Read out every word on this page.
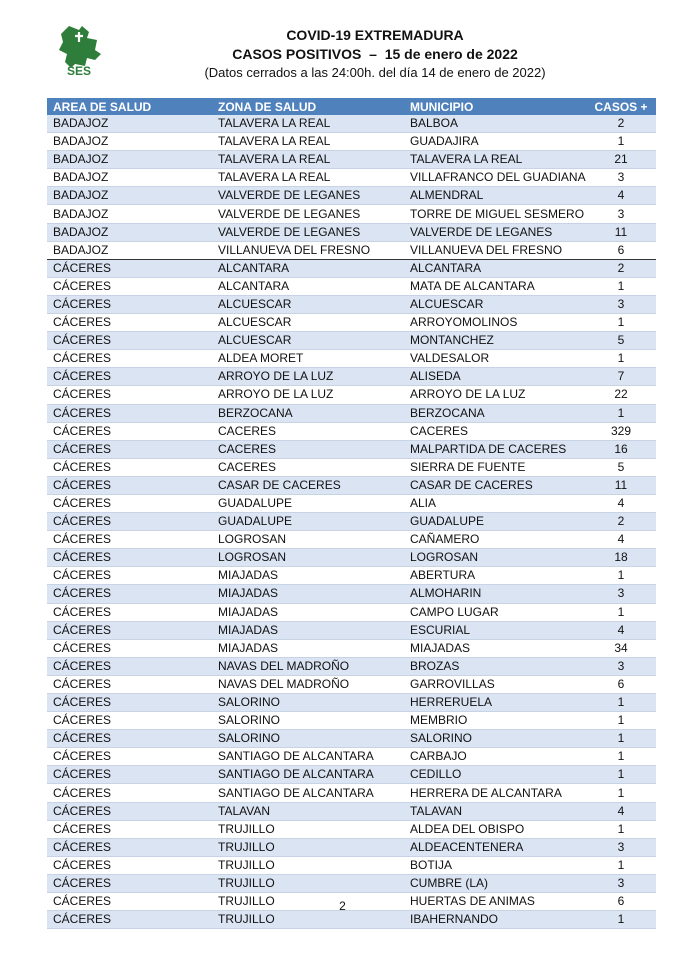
SES
COVID-19 EXTREMADURA
CASOS POSITIVOS  –  15 de enero de 2022
(Datos cerrados a las 24:00h. del día 14 de enero de 2022)
AREA DE SALUD	ZONA DE SALUD	MUNICIPIO	CASOS +
BADAJOZ	TALAVERA LA REAL	BALBOA	2
BADAJOZ	TALAVERA LA REAL	GUADAJIRA	1
BADAJOZ	TALAVERA LA REAL	TALAVERA LA REAL	21
BADAJOZ	TALAVERA LA REAL	VILLAFRANCO DEL GUADIANA	3
BADAJOZ	VALVERDE DE LEGANES	ALMENDRAL	4
BADAJOZ	VALVERDE DE LEGANES	TORRE DE MIGUEL SESMERO	3
BADAJOZ	VALVERDE DE LEGANES	VALVERDE DE LEGANES	11
BADAJOZ	VILLANUEVA DEL FRESNO	VILLANUEVA DEL FRESNO	6
CÁCERES	ALCANTARA	ALCANTARA	2
CÁCERES	ALCANTARA	MATA DE ALCANTARA	1
CÁCERES	ALCUESCAR	ALCUESCAR	3
CÁCERES	ALCUESCAR	ARROYOMOLINOS	1
CÁCERES	ALCUESCAR	MONTANCHEZ	5
CÁCERES	ALDEA MORET	VALDESALOR	1
CÁCERES	ARROYO DE LA LUZ	ALISEDA	7
CÁCERES	ARROYO DE LA LUZ	ARROYO DE LA LUZ	22
CÁCERES	BERZOCANA	BERZOCANA	1
CÁCERES	CACERES	CACERES	329
CÁCERES	CACERES	MALPARTIDA DE CACERES	16
CÁCERES	CACERES	SIERRA DE FUENTE	5
CÁCERES	CASAR DE CACERES	CASAR DE CACERES	11
CÁCERES	GUADALUPE	ALIA	4
CÁCERES	GUADALUPE	GUADALUPE	2
CÁCERES	LOGROSAN	CAÑAMERO	4
CÁCERES	LOGROSAN	LOGROSAN	18
CÁCERES	MIAJADAS	ABERTURA	1
CÁCERES	MIAJADAS	ALMOHARIN	3
CÁCERES	MIAJADAS	CAMPO LUGAR	1
CÁCERES	MIAJADAS	ESCURIAL	4
CÁCERES	MIAJADAS	MIAJADAS	34
CÁCERES	NAVAS DEL MADROÑO	BROZAS	3
CÁCERES	NAVAS DEL MADROÑO	GARROVILLAS	6
CÁCERES	SALORINO	HERRERUELA	1
CÁCERES	SALORINO	MEMBRIO	1
CÁCERES	SALORINO	SALORINO	1
CÁCERES	SANTIAGO DE ALCANTARA	CARBAJO	1
CÁCERES	SANTIAGO DE ALCANTARA	CEDILLO	1
CÁCERES	SANTIAGO DE ALCANTARA	HERRERA DE ALCANTARA	1
CÁCERES	TALAVAN	TALAVAN	4
CÁCERES	TRUJILLO	ALDEA DEL OBISPO	1
CÁCERES	TRUJILLO	ALDEACENTENERA	3
CÁCERES	TRUJILLO	BOTIJA	1
CÁCERES	TRUJILLO	CUMBRE (LA)	3
CÁCERES	TRUJILLO	HUERTAS DE ANIMAS	6
CÁCERES	TRUJILLO	IBAHERNANDO	1
2
